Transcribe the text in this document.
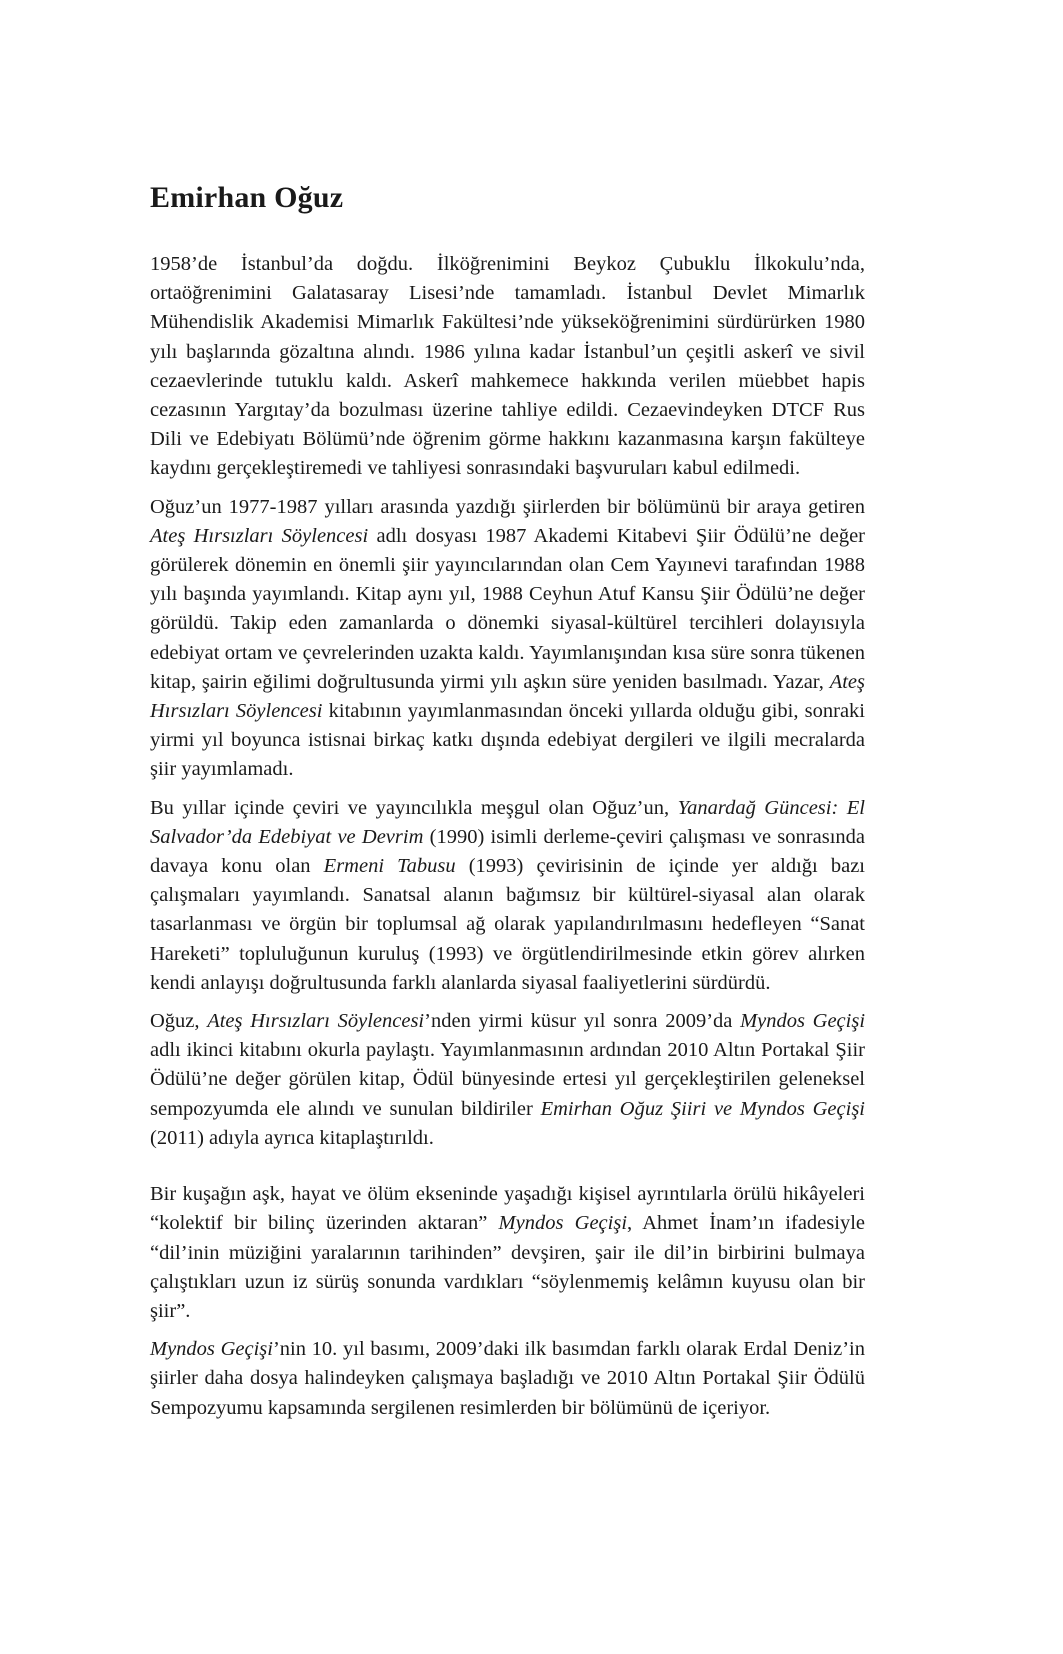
Emirhan Oğuz

1958’de İstanbul’da doğdu. İlköğrenimini Beykoz Çubuklu İlkokulu’nda, ortaöğrenimini Galatasaray Lisesi’nde tamamladı. İstanbul Devlet Mimarlık Mühendislik Akademisi Mimarlık Fakültesi’nde yükseköğrenimini sürdürürken 1980 yılı başlarında gözaltına alındı. 1986 yılına kadar İstanbul’un çeşitli askerî ve sivil cezaevlerinde tutuklu kaldı. Askerî mahkemece hakkında verilen müebbet hapis cezasının Yargıtay’da bozulması üzerine tahliye edildi. Cezaevindeyken DTCF Rus Dili ve Edebiyatı Bölümü’nde öğrenim görme hakkını kazanmasına karşın fakülteye kaydını gerçekleştiremedi ve tahliyesi sonrasındaki başvuruları kabul edilmedi.

Oğuz’un 1977-1987 yılları arasında yazdığı şiirlerden bir bölümünü bir araya getiren Ateş Hırsızları Söylencesi adlı dosyası 1987 Akademi Kitabevi Şiir Ödülü’ne değer görülerek dönemin en önemli şiir yayıncılarından olan Cem Yayınevi tarafından 1988 yılı başında yayımlandı. Kitap aynı yıl, 1988 Ceyhun Atuf Kansu Şiir Ödülü’ne değer görüldü. Takip eden zamanlarda o dönemki siyasal-kültürel tercihleri dolayısıyla edebiyat ortam ve çevrelerinden uzakta kaldı. Yayımlanışından kısa süre sonra tükenen kitap, şairin eğilimi doğrultusunda yirmi yılı aşkın süre yeniden basılmadı. Yazar, Ateş Hırsızları Söylencesi kitabının yayımlanmasından önceki yıllarda olduğu gibi, sonraki yirmi yıl boyunca istisnai birkaç katkı dışında edebiyat dergileri ve ilgili mecralarda şiir yayımlamadı.

Bu yıllar içinde çeviri ve yayıncılıkla meşgul olan Oğuz’un, Yanardağ Güncesi: El Salvador’da Edebiyat ve Devrim (1990) isimli derleme-çeviri çalışması ve sonrasında davaya konu olan Ermeni Tabusu (1993) çevirisinin de içinde yer aldığı bazı çalışmaları yayımlandı. Sanatsal alanın bağımsız bir kültürel-siyasal alan olarak tasarlanması ve örgün bir toplumsal ağ olarak yapılandırılmasını hedefleyen “Sanat Hareketi” topluluğunun kuruluş (1993) ve örgütlendirilmesinde etkin görev alırken kendi anlayışı doğrultusunda farklı alanlarda siyasal faaliyetlerini sürdürdü.

Oğuz, Ateş Hırsızları Söylencesi’nden yirmi küsur yıl sonra 2009’da Myndos Geçişi adlı ikinci kitabını okurla paylaştı. Yayımlanmasının ardından 2010 Altın Portakal Şiir Ödülü’ne değer görülen kitap, Ödül bünyesinde ertesi yıl gerçekleştirilen geleneksel sempozyumda ele alındı ve sunulan bildiriler Emirhan Oğuz Şiiri ve Myndos Geçişi (2011) adıyla ayrıca kitaplaştırıldı.

Bir kuşağın aşk, hayat ve ölüm ekseninde yaşadığı kişisel ayrıntılarla örülü hikâyeleri “kolektif bir bilinç üzerinden aktaran” Myndos Geçişi, Ahmet İnam’ın ifadesiyle “dil’inin müziğini yaralarının tarihinden” devşiren, şair ile dil’in birbirini bulmaya çalıştıkları uzun iz sürüş sonunda vardıkları “söylenmemiş kelâmın kuyusu olan bir şiir”.

Myndos Geçişi’nin 10. yıl basımı, 2009’daki ilk basımdan farklı olarak Erdal Deniz’in şiirler daha dosya halindeyken çalışmaya başladığı ve 2010 Altın Portakal Şiir Ödülü Sempozyumu kapsamında sergilenen resimlerden bir bölümünü de içeriyor.
